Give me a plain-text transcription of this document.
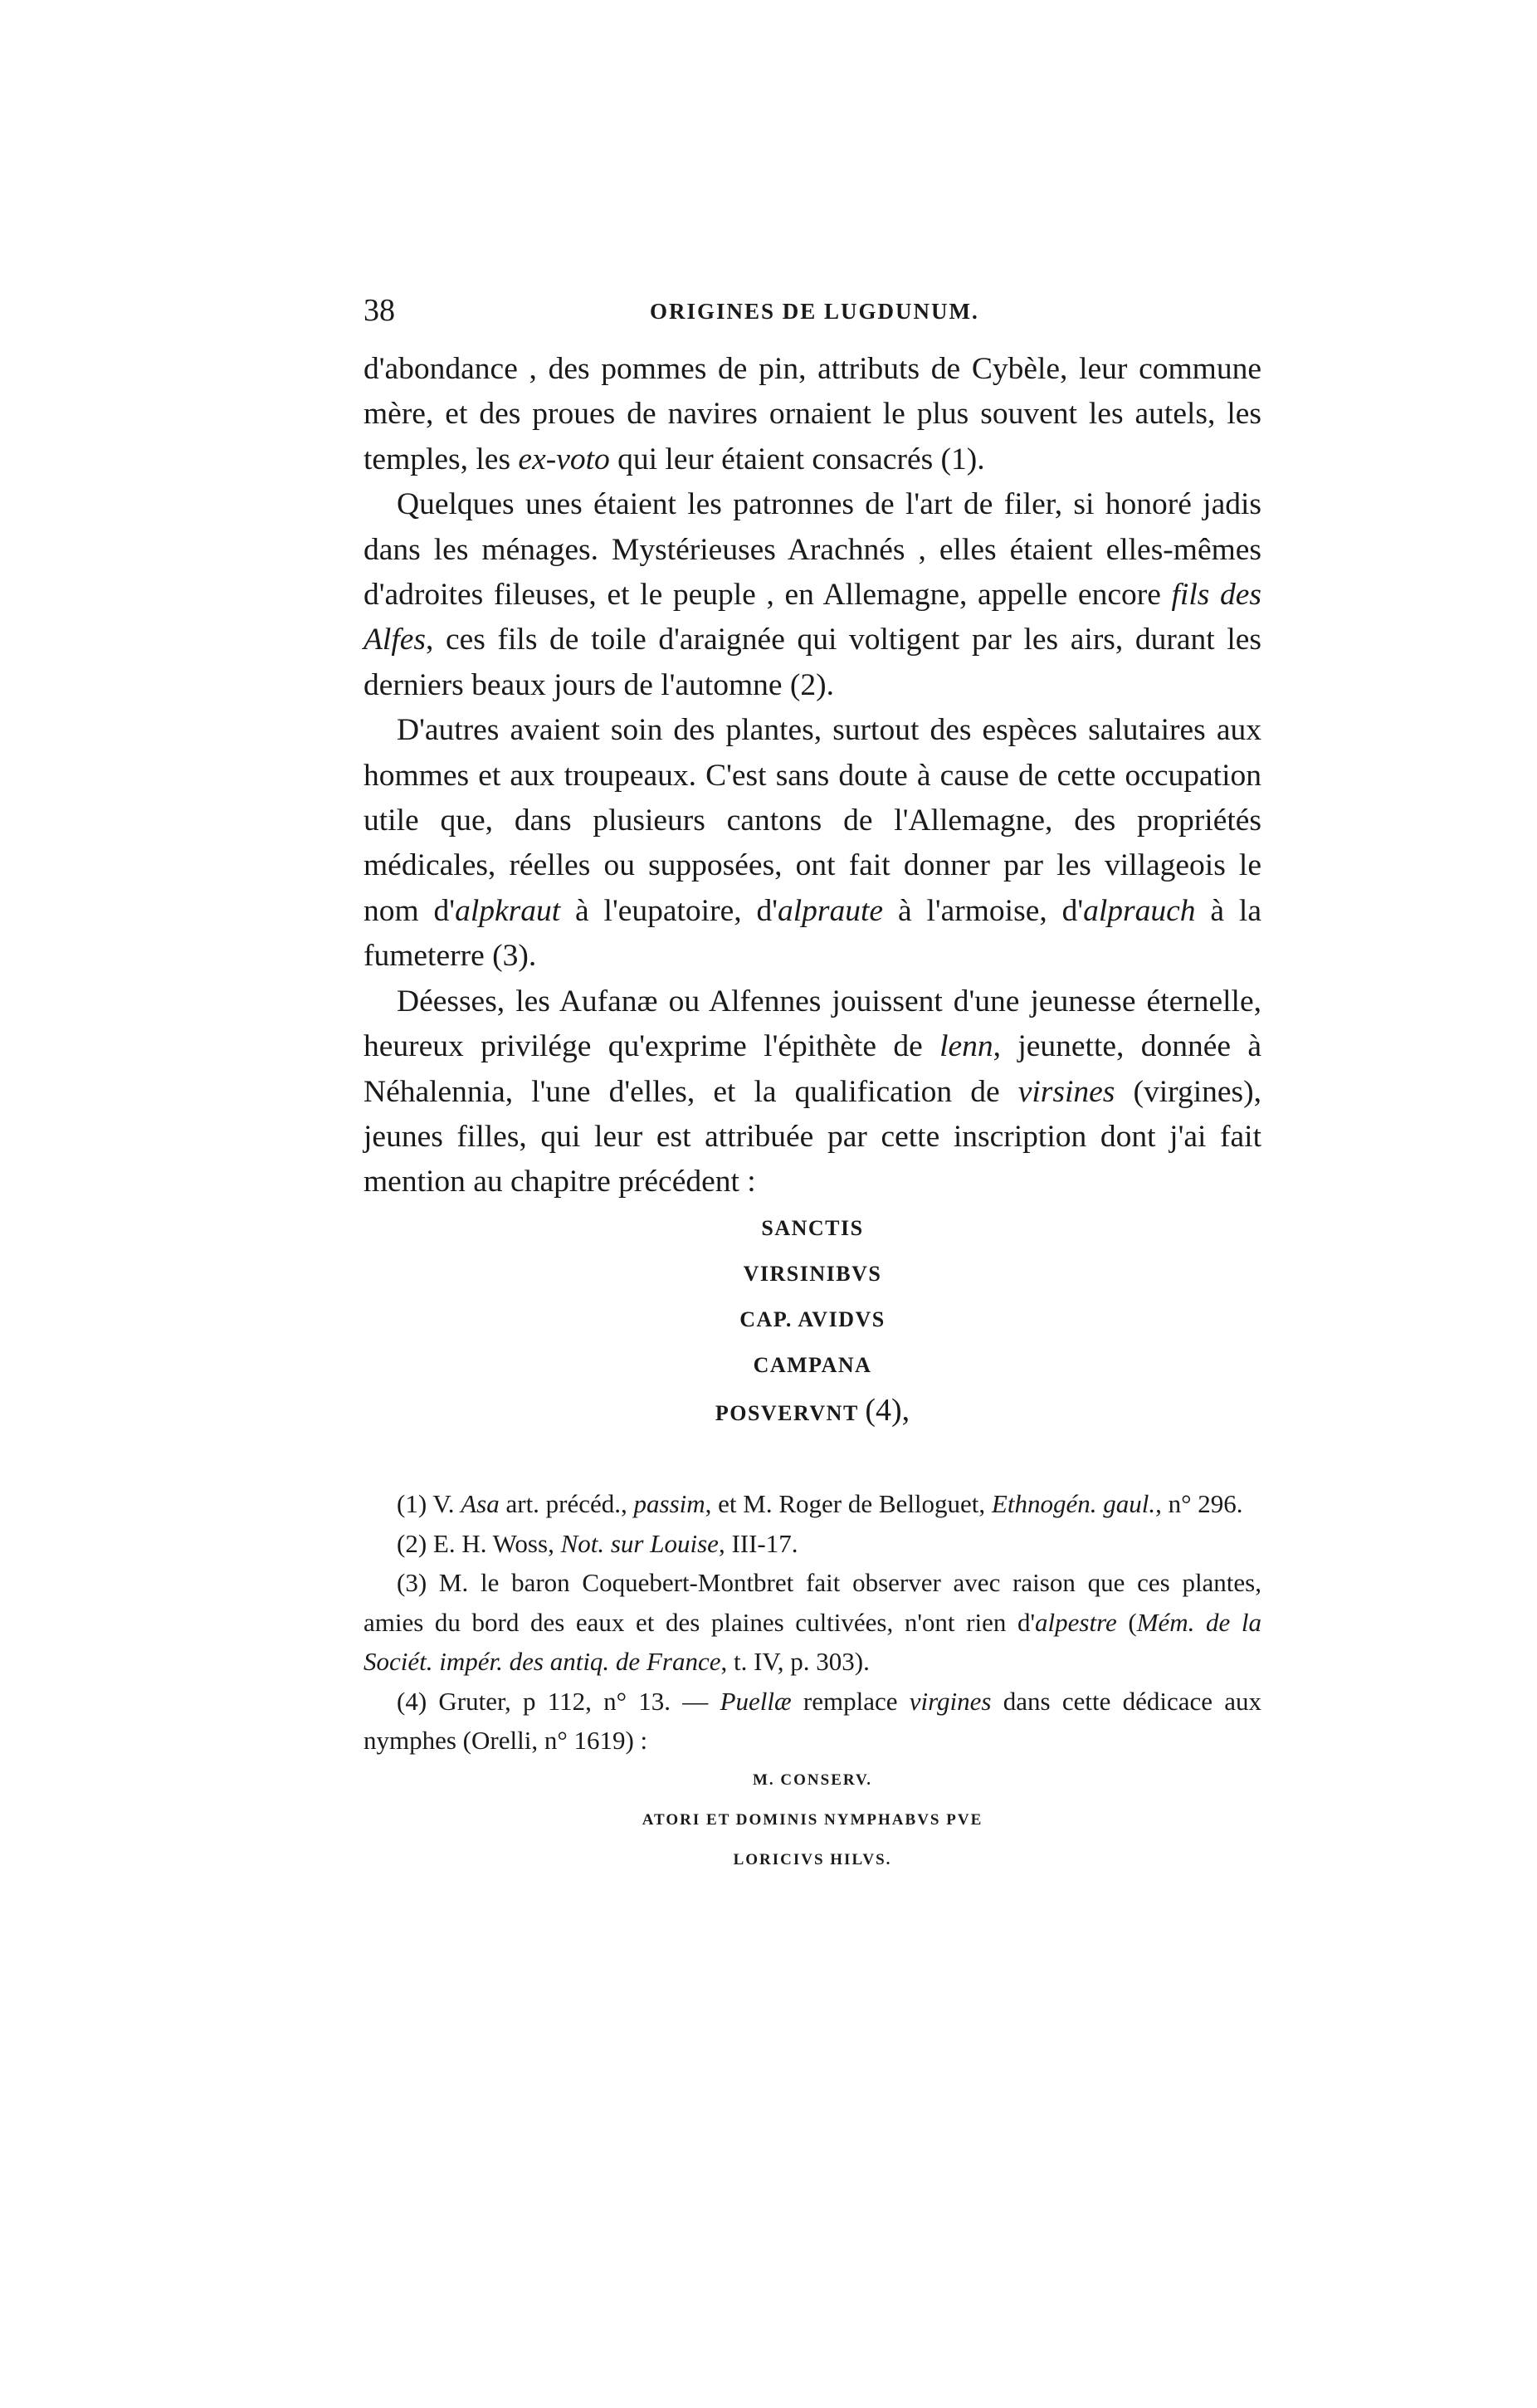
38	ORIGINES DE LUGDUNUM.

d'abondance , des pommes de pin, attributs de Cybèle, leur commune mère, et des proues de navires ornaient le plus souvent les autels, les temples, les ex-voto qui leur étaient consacrés (1).

Quelques unes étaient les patronnes de l'art de filer, si honoré jadis dans les ménages. Mystérieuses Arachnés , elles étaient elles-mêmes d'adroites fileuses, et le peuple , en Allemagne, appelle encore fils des Alfes, ces fils de toile d'araignée qui voltigent par les airs, durant les derniers beaux jours de l'automne (2).

D'autres avaient soin des plantes, surtout des espèces salutaires aux hommes et aux troupeaux. C'est sans doute à cause de cette occupation utile que, dans plusieurs cantons de l'Allemagne, des propriétés médicales, réelles ou supposées, ont fait donner par les villageois le nom d'alpkraut à l'eupatoire, d'alpraute à l'armoise, d'alprauch à la fumeterre (3).

Déesses, les Aufanæ ou Alfennes jouissent d'une jeunesse éternelle, heureux privilége qu'exprime l'épithète de lenn, jeunette, donnée à Néhalennia, l'une d'elles, et la qualification de virsines (virgines), jeunes filles, qui leur est attribuée par cette inscription dont j'ai fait mention au chapitre précédent :

SANCTIS
VIRSINIBVS
CAP. AVIDVS
CAMPANA
POSVERVNT (4),

(1) V. Asa art. précéd., passim, et M. Roger de Belloguet, Ethnogén. gaul., n° 296.

(2) E. H. Woss, Not. sur Louise, III-17.

(3) M. le baron Coquebert-Montbret fait observer avec raison que ces plantes, amies du bord des eaux et des plaines cultivées, n'ont rien d'alpestre (Mém. de la Sociét. impér. des antiq. de France, t. IV, p. 303).

(4) Gruter, p 112, n° 13. — Puellæ remplace virgines dans cette dédicace aux nymphes (Orelli, n° 1619) :

M. CONSERV.
ATORI ET DOMINIS NYMPHABVS PVE
LORICIVS HILVS.
